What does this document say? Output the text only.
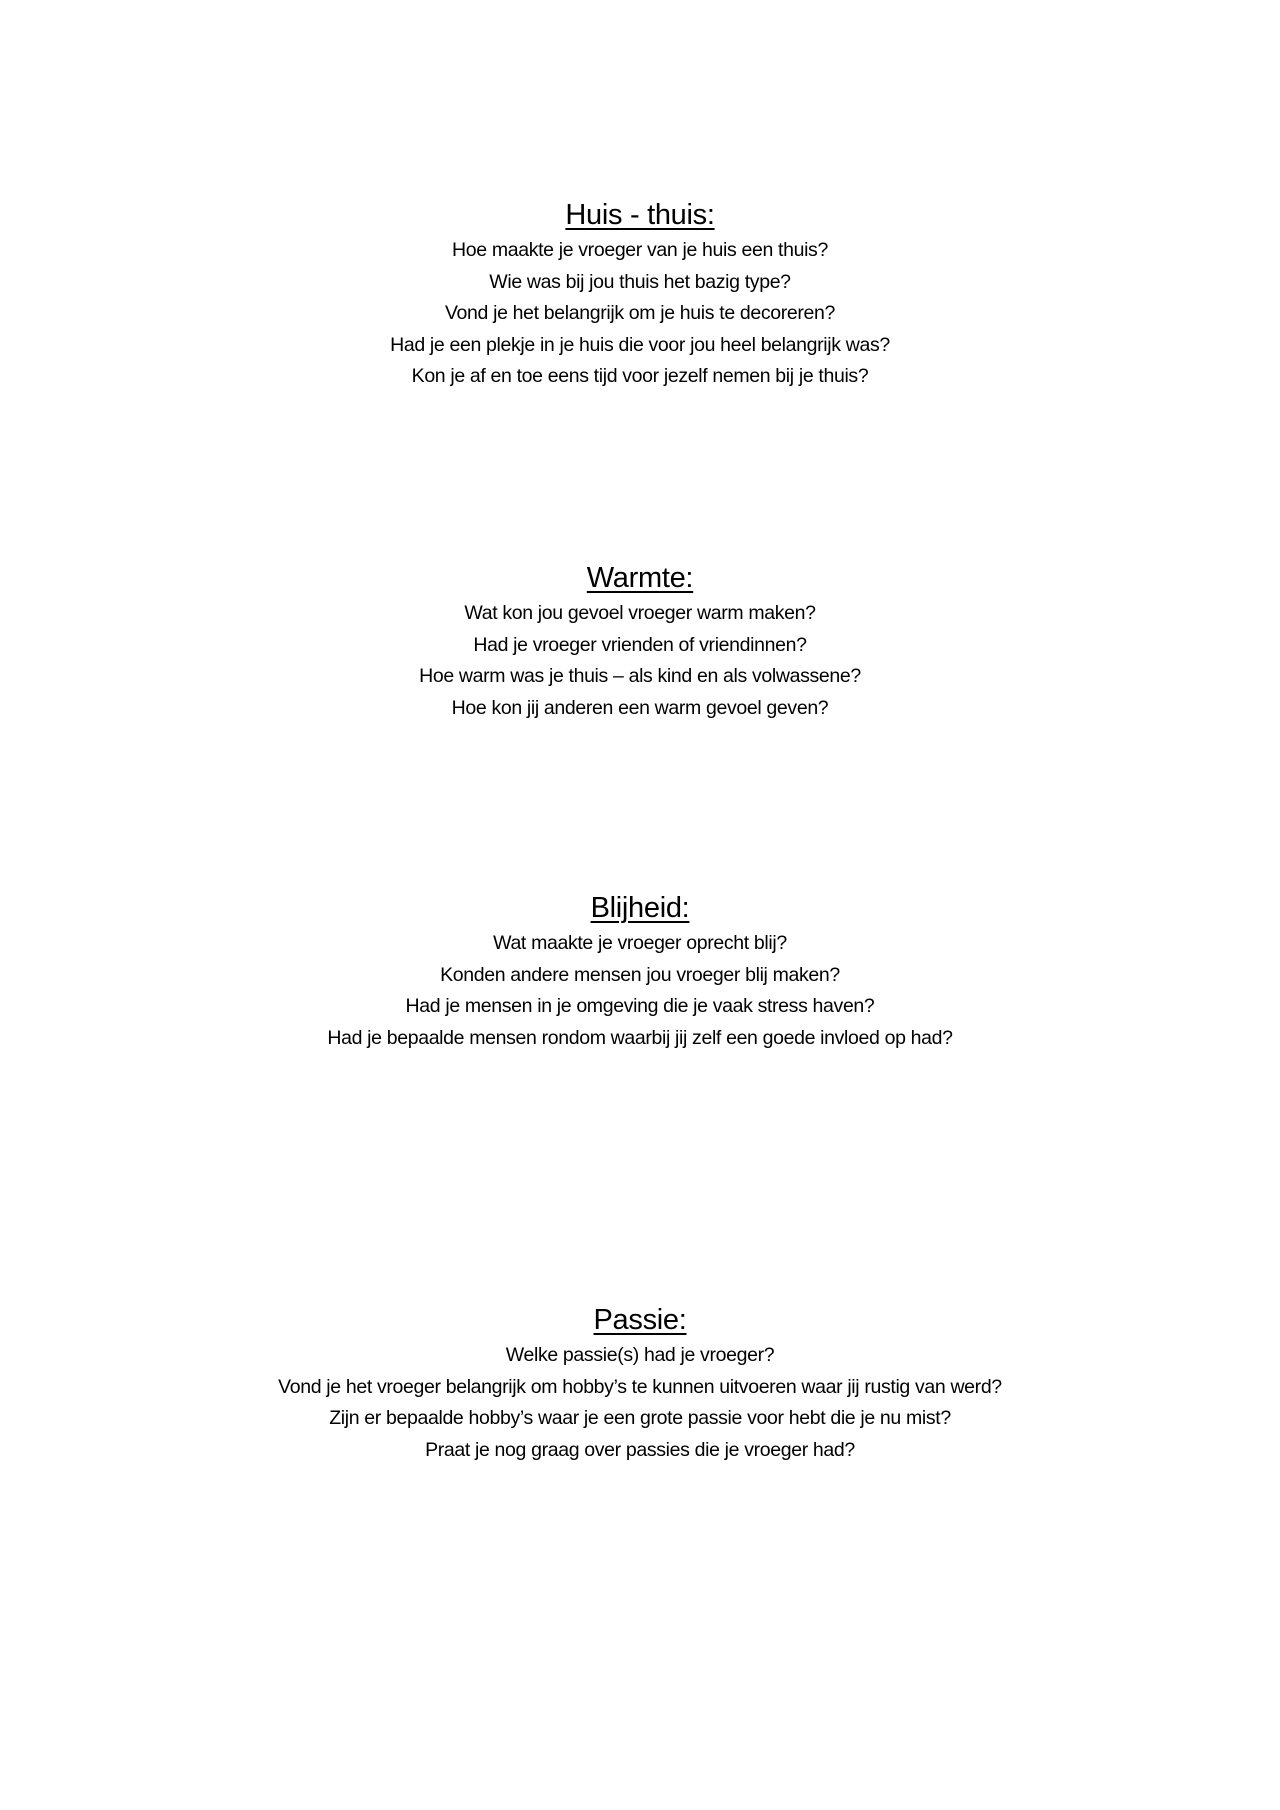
Huis - thuis:
Hoe maakte je vroeger van je huis een thuis?
Wie was bij jou thuis het bazig type?
Vond je het belangrijk om je huis te decoreren?
Had je een plekje in je huis die voor jou heel belangrijk was?
Kon je af en toe eens tijd voor jezelf nemen bij je thuis?
Warmte:
Wat kon jou gevoel vroeger warm maken?
Had je vroeger vrienden of vriendinnen?
Hoe warm was je thuis – als kind en als volwassene?
Hoe kon jij anderen een warm gevoel geven?
Blijheid:
Wat maakte je vroeger oprecht blij?
Konden andere mensen jou vroeger blij maken?
Had je mensen in je omgeving die je vaak stress haven?
Had je bepaalde mensen rondom waarbij jij zelf een goede invloed op had?
Passie:
Welke passie(s) had je vroeger?
Vond je het vroeger belangrijk om hobby’s te kunnen uitvoeren waar jij rustig van werd?
Zijn er bepaalde hobby’s waar je een grote passie voor hebt die je nu mist?
Praat je nog graag over passies die je vroeger had?
